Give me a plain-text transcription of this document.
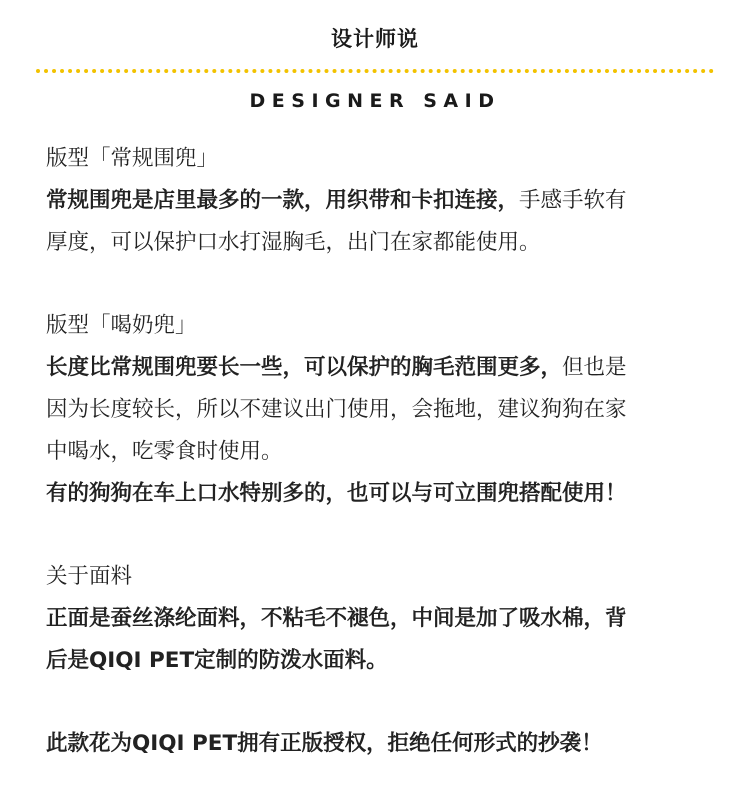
设计师说
DESIGNER SAID
版型「常规围兜」
常规围兜是店里最多的一款，用织带和卡扣连接，手感手软有
厚度，可以保护口水打湿胸毛，出门在家都能使用。
版型「喝奶兜」
长度比常规围兜要长一些，可以保护的胸毛范围更多，但也是
因为长度较长，所以不建议出门使用，会拖地，建议狗狗在家
中喝水，吃零食时使用。
有的狗狗在车上口水特别多的，也可以与可立围兜搭配使用！
关于面料
正面是蚕丝涤纶面料，不粘毛不褪色，中间是加了吸水棉，背
后是QIQI PET定制的防泼水面料。
此款花为QIQI PET拥有正版授权，拒绝任何形式的抄袭！
